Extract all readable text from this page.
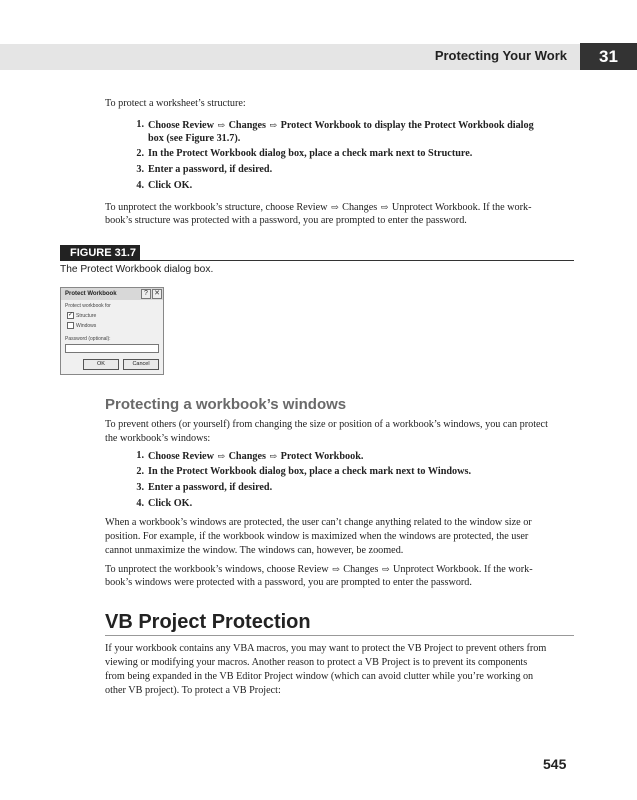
Protecting Your Work	31
To protect a worksheet’s structure:
1. Choose Review ⇨ Changes ⇨ Protect Workbook to display the Protect Workbook dialog
box (see Figure 31.7).
2. In the Protect Workbook dialog box, place a check mark next to Structure.
3. Enter a password, if desired.
4. Click OK.
To unprotect the workbook’s structure, choose Review ⇨ Changes ⇨ Unprotect Workbook. If the work-
book’s structure was protected with a password, you are prompted to enter the password.
FIGURE 31.7
The Protect Workbook dialog box.
Protect Workbook	? ✕
Protect workbook for
✓ Structure
Windows
Password (optional):
OK	Cancel
Protecting a workbook’s windows
To prevent others (or yourself) from changing the size or position of a workbook’s windows, you can protect
the workbook’s windows:
1. Choose Review ⇨ Changes ⇨ Protect Workbook.
2. In the Protect Workbook dialog box, place a check mark next to Windows.
3. Enter a password, if desired.
4. Click OK.
When a workbook’s windows are protected, the user can’t change anything related to the window size or
position. For example, if the workbook window is maximized when the windows are protected, the user
cannot unmaximize the window. The windows can, however, be zoomed.
To unprotect the workbook’s windows, choose Review ⇨ Changes ⇨ Unprotect Workbook. If the work-
book’s windows were protected with a password, you are prompted to enter the password.
VB Project Protection
If your workbook contains any VBA macros, you may want to protect the VB Project to prevent others from
viewing or modifying your macros. Another reason to protect a VB Project is to prevent its components
from being expanded in the VB Editor Project window (which can avoid clutter while you’re working on
other VB project). To protect a VB Project:
545
